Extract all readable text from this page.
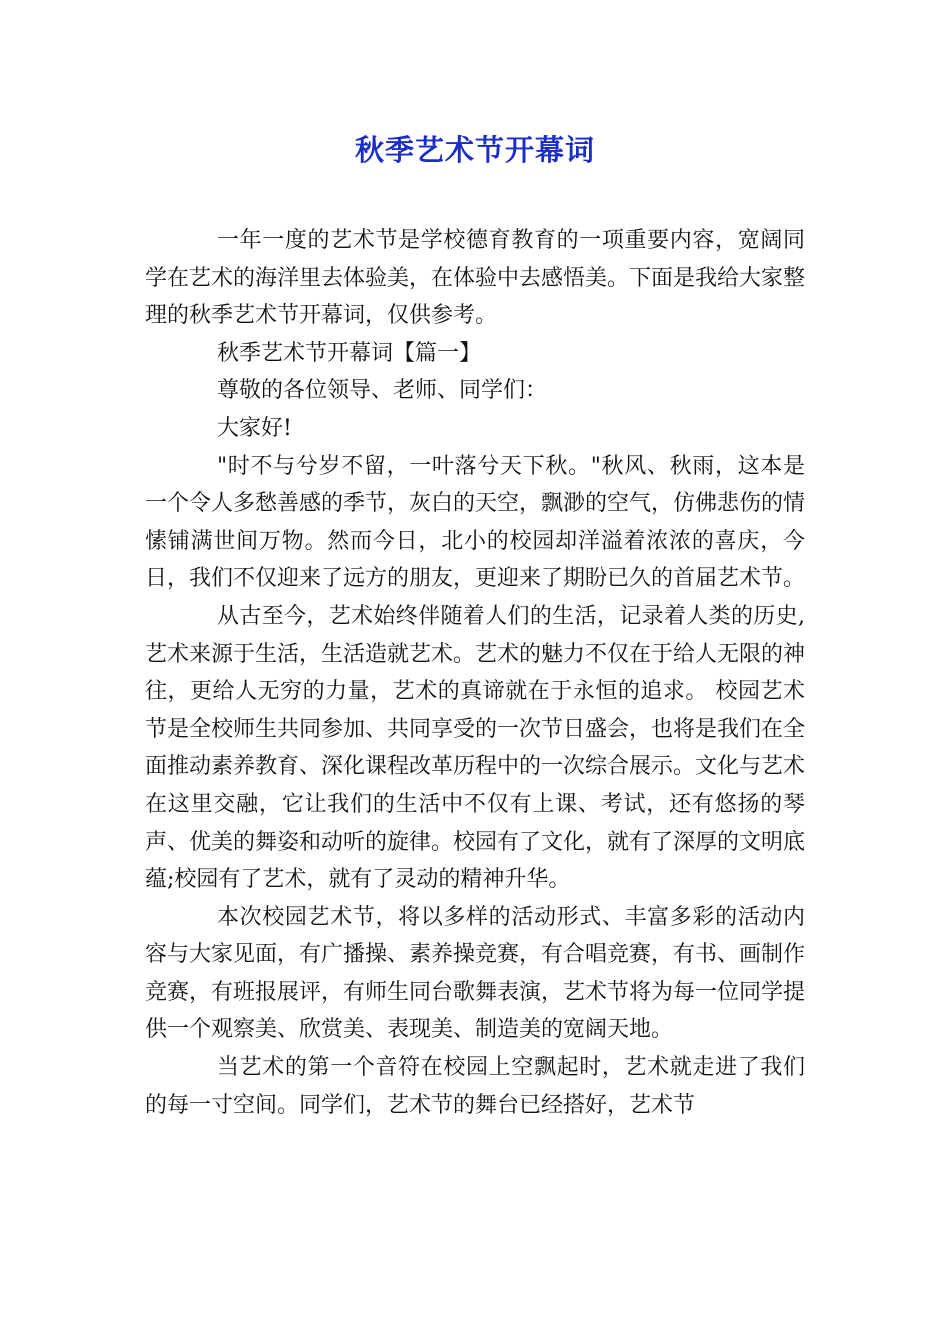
秋季艺术节开幕词

一年一度的艺术节是学校德育教育的一项重要内容，宽阔同学在艺术的海洋里去体验美，在体验中去感悟美。下面是我给大家整理的秋季艺术节开幕词，仅供参考。

秋季艺术节开幕词【篇一】

尊敬的各位领导、老师、同学们：

大家好!

"时不与兮岁不留，一叶落兮天下秋。"秋风、秋雨，这本是一个令人多愁善感的季节，灰白的天空，飘渺的空气，仿佛悲伤的情愫铺满世间万物。然而今日，北小的校园却洋溢着浓浓的喜庆，今日，我们不仅迎来了远方的朋友，更迎来了期盼已久的首届艺术节。

从古至今，艺术始终伴随着人们的生活，记录着人类的历史,艺术来源于生活，生活造就艺术。艺术的魅力不仅在于给人无限的神往，更给人无穷的力量，艺术的真谛就在于永恒的追求。 校园艺术节是全校师生共同参加、共同享受的一次节日盛会，也将是我们在全面推动素养教育、深化课程改革历程中的一次综合展示。文化与艺术在这里交融，它让我们的生活中不仅有上课、考试，还有悠扬的琴声、优美的舞姿和动听的旋律。校园有了文化，就有了深厚的文明底蕴;校园有了艺术，就有了灵动的精神升华。

本次校园艺术节，将以多样的活动形式、丰富多彩的活动内容与大家见面，有广播操、素养操竞赛，有合唱竞赛，有书、画制作竞赛，有班报展评，有师生同台歌舞表演，艺术节将为每一位同学提供一个观察美、欣赏美、表现美、制造美的宽阔天地。

当艺术的第一个音符在校园上空飘起时，艺术就走进了我们的每一寸空间。同学们，艺术节的舞台已经搭好，艺术节
